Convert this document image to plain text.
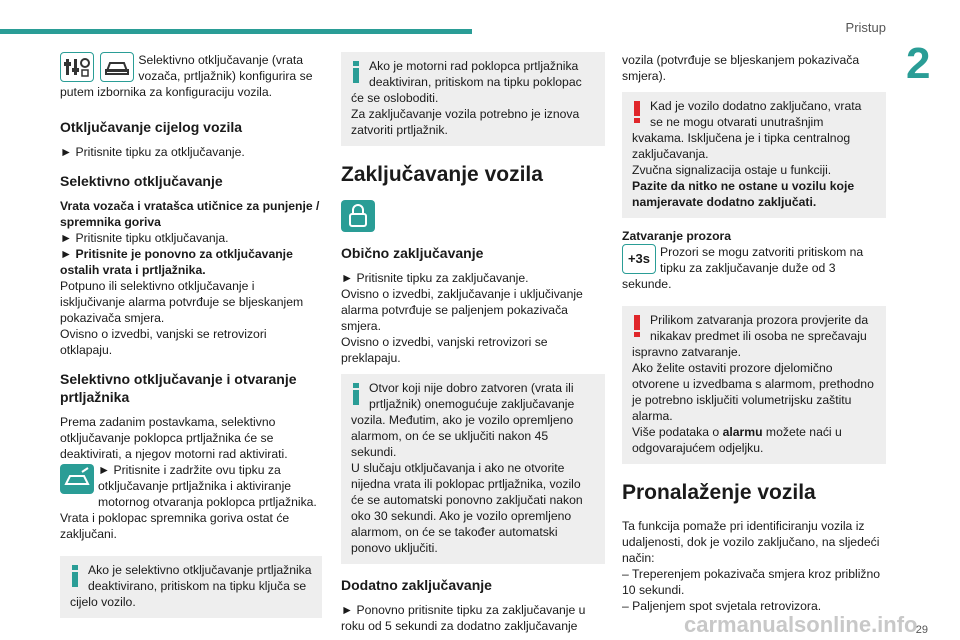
Pristup
2

Selektivno otključavanje (vrata vozača, prtljažnik) konfigurira se putem izbornika za konfiguraciju vozila.

Otključavanje cijelog vozila

► Pritisnite tipku za otključavanje.

Selektivno otključavanje

Vrata vozača i vratašca utičnice za punjenje / spremnika goriva

► Pritisnite tipku otključavanja.

► Pritisnite je ponovno za otključavanje ostalih vrata i prtljažnika.

Potpuno ili selektivno otključavanje i isključivanje alarma potvrđuje se bljeskanjem pokazivača smjera.

Ovisno o izvedbi, vanjski se retrovizori otklapaju.

Selektivno otključavanje i otvaranje prtljažnika

Prema zadanim postavkama, selektivno otključavanje poklopca prtljažnika će se deaktivirati, a njegov motorni rad aktivirati.

► Pritisnite i zadržite ovu tipku za otključavanje prtljažnika i aktiviranje motornog otvaranja poklopca prtljažnika.

Vrata i poklopac spremnika goriva ostat će zaključani.

Ako je selektivno otključavanje prtljažnika deaktivirano, pritiskom na tipku ključa se cijelo vozilo.
Ako je motorni rad poklopca prtljažnika deaktiviran, pritiskom na tipku poklopac će se osloboditi.
Za zaključavanje vozila potrebno je iznova zatvoriti prtljažnik.
Zaključavanje vozila
Obično zaključavanje

► Pritisnite tipku za zaključavanje.

Ovisno o izvedbi, zaključavanje i uključivanje alarma potvrđuje se paljenjem pokazivača smjera.

Ovisno o izvedbi, vanjski retrovizori se preklapaju.

Otvor koji nije dobro zatvoren (vrata ili prtljažnik) onemogućuje zaključavanje vozila. Međutim, ako je vozilo opremljeno alarmom, on će se uključiti nakon 45 sekundi.
U slučaju otključavanja i ako ne otvorite nijedna vrata ili poklopac prtljažnika, vozilo će se automatski ponovno zaključati nakon oko 30 sekundi. Ako je vozilo opremljeno alarmom, on će se također automatski ponovo uključiti.
Dodatno zaključavanje

► Ponovno pritisnite tipku za zaključavanje u roku od 5 sekundi za dodatno zaključavanje

vozila (potvrđuje se bljeskanjem pokazivača smjera).

Kad je vozilo dodatno zaključano, vrata se ne mogu otvarati unutrašnjim kvakama. Isključena je i tipka centralnog zaključavanja.
Zvučna signalizacija ostaje u funkciji.
Pazite da nitko ne ostane u vozilu koje namjeravate dodatno zaključati.

Zatvaranje prozora

+3s Prozori se mogu zatvoriti pritiskom na tipku za zaključavanje duže od 3 sekunde.

Prilikom zatvaranja prozora provjerite da nikakav predmet ili osoba ne sprečavaju ispravno zatvaranje.
Ako želite ostaviti prozore djelomično otvorene u izvedbama s alarmom, prethodno je potrebno isključiti volumetrijsku zaštitu alarma.
Više podataka o alarmu možete naći u odgovarajućem odjeljku.
Pronalaženje vozila

Ta funkcija pomaže pri identificiranju vozila iz udaljenosti, dok je vozilo zaključano, na sljedeći način:

– Treperenjem pokazivača smjera kroz približno 10 sekundi.

– Paljenjem spot svjetala retrovizora.

carmanualsonline.info
29
